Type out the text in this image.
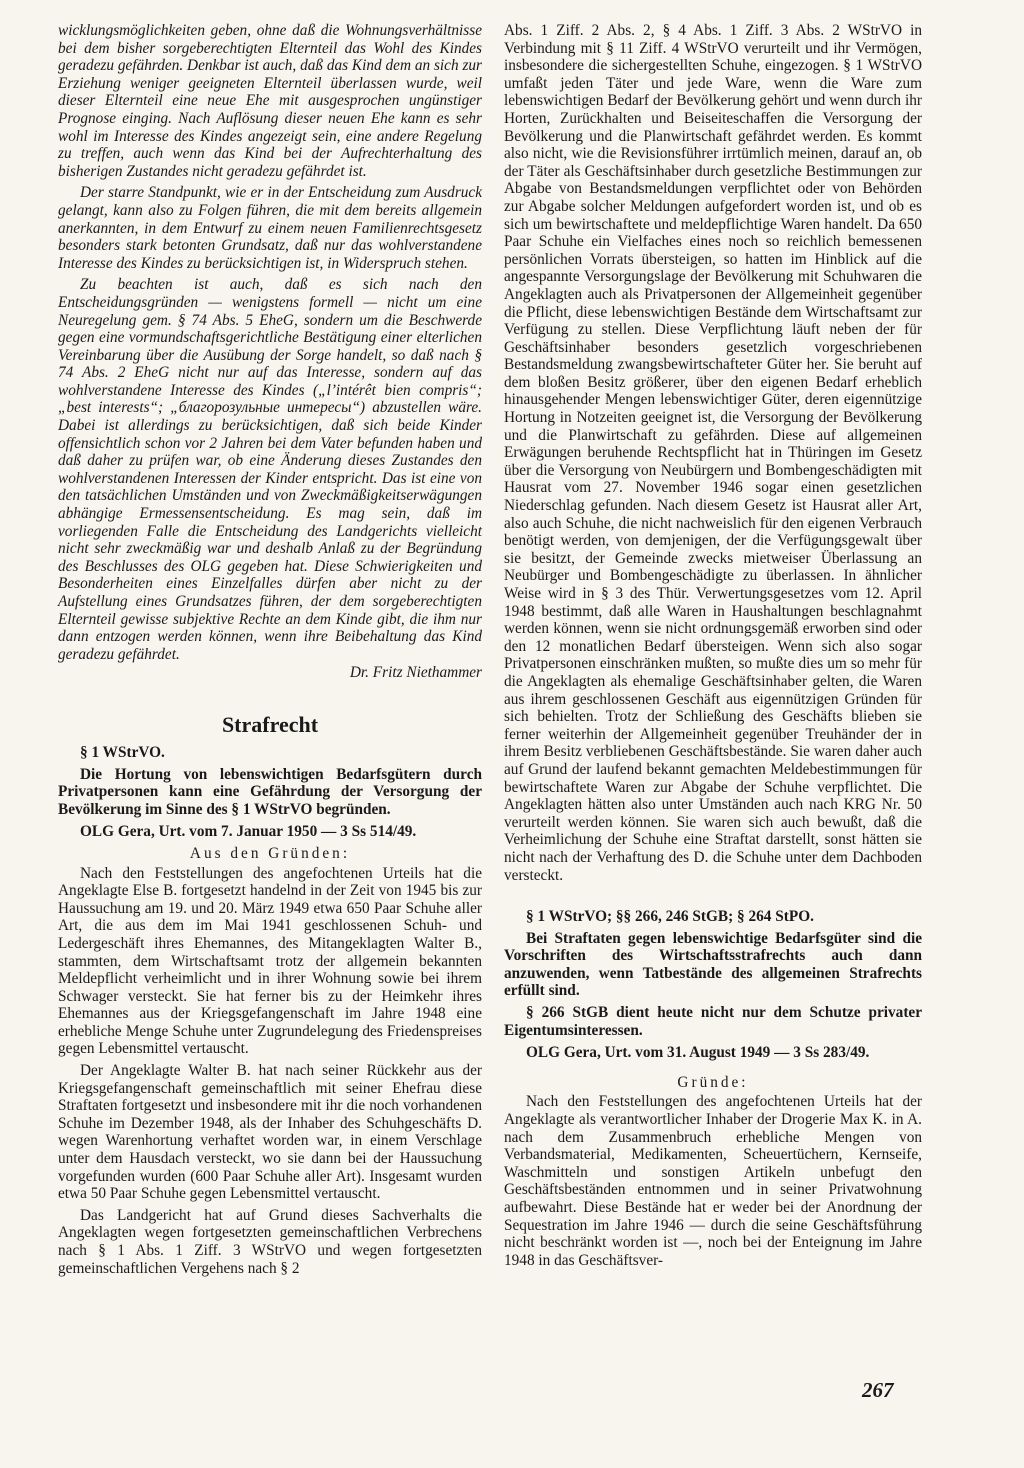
wicklungsmöglichkeiten geben, ohne daß die Wohnungsverhältnisse bei dem bisher sorgeberechtigten Elternteil das Wohl des Kindes geradezu gefährden. Denkbar ist auch, daß das Kind dem an sich zur Erziehung weniger geeigneten Elternteil überlassen wurde, weil dieser Elternteil eine neue Ehe mit ausgesprochen ungünstiger Prognose einging. Nach Auflösung dieser neuen Ehe kann es sehr wohl im Interesse des Kindes angezeigt sein, eine andere Regelung zu treffen, auch wenn das Kind bei der Aufrechterhaltung des bisherigen Zustandes nicht geradezu gefährdet ist.

Der starre Standpunkt, wie er in der Entscheidung zum Ausdruck gelangt, kann also zu Folgen führen, die mit dem bereits allgemein anerkannten, in dem Entwurf zu einem neuen Familienrechtsgesetz besonders stark betonten Grundsatz, daß nur das wohlverstandene Interesse des Kindes zu berücksichtigen ist, in Widerspruch stehen.

Zu beachten ist auch, daß es sich nach den Entscheidungsgründen — wenigstens formell — nicht um eine Neuregelung gem. § 74 Abs. 5 EheG, sondern um die Beschwerde gegen eine vormundschaftsgerichtliche Bestätigung einer elterlichen Vereinbarung über die Ausübung der Sorge handelt, so daß nach § 74 Abs. 2 EheG nicht nur auf das Interesse, sondern auf das wohlverstandene Interesse des Kindes („l’intérêt bien compris“; „best interests“; „благорозульные интересы“) abzustellen wäre. Dabei ist allerdings zu berücksichtigen, daß sich beide Kinder offensichtlich schon vor 2 Jahren bei dem Vater befunden haben und daß daher zu prüfen war, ob eine Änderung dieses Zustandes den wohlverstandenen Interessen der Kinder entspricht. Das ist eine von den tatsächlichen Umständen und von Zweckmäßigkeitserwägungen abhängige Ermessensentscheidung. Es mag sein, daß im vorliegenden Falle die Entscheidung des Landgerichts vielleicht nicht sehr zweckmäßig war und deshalb Anlaß zu der Begründung des Beschlusses des OLG gegeben hat. Diese Schwierigkeiten und Besonderheiten eines Einzelfalles dürfen aber nicht zu der Aufstellung eines Grundsatzes führen, der dem sorgeberechtigten Elternteil gewisse subjektive Rechte an dem Kinde gibt, die ihm nur dann entzogen werden können, wenn ihre Beibehaltung das Kind geradezu gefährdet.

Dr. Fritz Niethammer

Strafrecht

§ 1 WStrVO.

Die Hortung von lebenswichtigen Bedarfsgütern durch Privatpersonen kann eine Gefährdung der Versorgung der Bevölkerung im Sinne des § 1 WStrVO begründen.

OLG Gera, Urt. vom 7. Januar 1950 — 3 Ss 514/49.

Aus den Gründen:

Nach den Feststellungen des angefochtenen Urteils hat die Angeklagte Else B. fortgesetzt handelnd in der Zeit von 1945 bis zur Haussuchung am 19. und 20. März 1949 etwa 650 Paar Schuhe aller Art, die aus dem im Mai 1941 geschlossenen Schuh- und Ledergeschäft ihres Ehemannes, des Mitangeklagten Walter B., stammten, dem Wirtschaftsamt trotz der allgemein bekannten Meldepflicht verheimlicht und in ihrer Wohnung sowie bei ihrem Schwager versteckt. Sie hat ferner bis zu der Heimkehr ihres Ehemannes aus der Kriegsgefangenschaft im Jahre 1948 eine erhebliche Menge Schuhe unter Zugrundelegung des Friedenspreises gegen Lebensmittel vertauscht.

Der Angeklagte Walter B. hat nach seiner Rückkehr aus der Kriegsgefangenschaft gemeinschaftlich mit seiner Ehefrau diese Straftaten fortgesetzt und insbesondere mit ihr die noch vorhandenen Schuhe im Dezember 1948, als der Inhaber des Schuhgeschäfts D. wegen Warenhortung verhaftet worden war, in einem Verschlage unter dem Hausdach versteckt, wo sie dann bei der Haussuchung vorgefunden wurden (600 Paar Schuhe aller Art). Insgesamt wurden etwa 50 Paar Schuhe gegen Lebensmittel vertauscht.

Das Landgericht hat auf Grund dieses Sachverhalts die Angeklagten wegen fortgesetzten gemeinschaftlichen Verbrechens nach § 1 Abs. 1 Ziff. 3 WStrVO und wegen fortgesetzten gemeinschaftlichen Vergehens nach § 2

Abs. 1 Ziff. 2 Abs. 2, § 4 Abs. 1 Ziff. 3 Abs. 2 WStrVO in Verbindung mit § 11 Ziff. 4 WStrVO verurteilt und ihr Vermögen, insbesondere die sichergestellten Schuhe, eingezogen. § 1 WStrVO umfaßt jeden Täter und jede Ware, wenn die Ware zum lebenswichtigen Bedarf der Bevölkerung gehört und wenn durch ihr Horten, Zurückhalten und Beiseiteschaffen die Versorgung der Bevölkerung und die Planwirtschaft gefährdet werden. Es kommt also nicht, wie die Revisionsführer irrtümlich meinen, darauf an, ob der Täter als Geschäftsinhaber durch gesetzliche Bestimmungen zur Abgabe von Bestandsmeldungen verpflichtet oder von Behörden zur Abgabe solcher Meldungen aufgefordert worden ist, und ob es sich um bewirtschaftete und meldepflichtige Waren handelt. Da 650 Paar Schuhe ein Vielfaches eines noch so reichlich bemessenen persönlichen Vorrats übersteigen, so hatten im Hinblick auf die angespannte Versorgungslage der Bevölkerung mit Schuhwaren die Angeklagten auch als Privatpersonen der Allgemeinheit gegenüber die Pflicht, diese lebenswichtigen Bestände dem Wirtschaftsamt zur Verfügung zu stellen. Diese Verpflichtung läuft neben der für Geschäftsinhaber besonders gesetzlich vorgeschriebenen Bestandsmeldung zwangsbewirtschafteter Güter her. Sie beruht auf dem bloßen Besitz größerer, über den eigenen Bedarf erheblich hinausgehender Mengen lebenswichtiger Güter, deren eigennützige Hortung in Notzeiten geeignet ist, die Versorgung der Bevölkerung und die Planwirtschaft zu gefährden. Diese auf allgemeinen Erwägungen beruhende Rechtspflicht hat in Thüringen im Gesetz über die Versorgung von Neubürgern und Bombengeschädigten mit Hausrat vom 27. November 1946 sogar einen gesetzlichen Niederschlag gefunden. Nach diesem Gesetz ist Hausrat aller Art, also auch Schuhe, die nicht nachweislich für den eigenen Verbrauch benötigt werden, von demjenigen, der die Verfügungsgewalt über sie besitzt, der Gemeinde zwecks mietweiser Überlassung an Neubürger und Bombengeschädigte zu überlassen. In ähnlicher Weise wird in § 3 des Thür. Verwertungsgesetzes vom 12. April 1948 bestimmt, daß alle Waren in Haushaltungen beschlagnahmt werden können, wenn sie nicht ordnungsgemäß erworben sind oder den 12 monatlichen Bedarf übersteigen. Wenn sich also sogar Privatpersonen einschränken mußten, so mußte dies um so mehr für die Angeklagten als ehemalige Geschäftsinhaber gelten, die Waren aus ihrem geschlossenen Geschäft aus eigennützigen Gründen für sich behielten. Trotz der Schließung des Geschäfts blieben sie ferner weiterhin der Allgemeinheit gegenüber Treuhänder der in ihrem Besitz verbliebenen Geschäftsbestände. Sie waren daher auch auf Grund der laufend bekannt gemachten Meldebestimmungen für bewirtschaftete Waren zur Abgabe der Schuhe verpflichtet. Die Angeklagten hätten also unter Umständen auch nach KRG Nr. 50 verurteilt werden können. Sie waren sich auch bewußt, daß die Verheimlichung der Schuhe eine Straftat darstellt, sonst hätten sie nicht nach der Verhaftung des D. die Schuhe unter dem Dachboden versteckt.

§ 1 WStrVO; §§ 266, 246 StGB; § 264 StPO.

Bei Straftaten gegen lebenswichtige Bedarfsgüter sind die Vorschriften des Wirtschaftsstrafrechts auch dann anzuwenden, wenn Tatbestände des allgemeinen Strafrechts erfüllt sind.

§ 266 StGB dient heute nicht nur dem Schutze privater Eigentumsinteressen.

OLG Gera, Urt. vom 31. August 1949 — 3 Ss 283/49.

Gründe:

Nach den Feststellungen des angefochtenen Urteils hat der Angeklagte als verantwortlicher Inhaber der Drogerie Max K. in A. nach dem Zusammenbruch erhebliche Mengen von Verbandsmaterial, Medikamenten, Scheuertüchern, Kernseife, Waschmitteln und sonstigen Artikeln unbefugt den Geschäftsbeständen entnommen und in seiner Privatwohnung aufbewahrt. Diese Bestände hat er weder bei der Anordnung der Sequestration im Jahre 1946 — durch die seine Geschäftsführung nicht beschränkt worden ist —, noch bei der Enteignung im Jahre 1948 in das Geschäftsver-

267
